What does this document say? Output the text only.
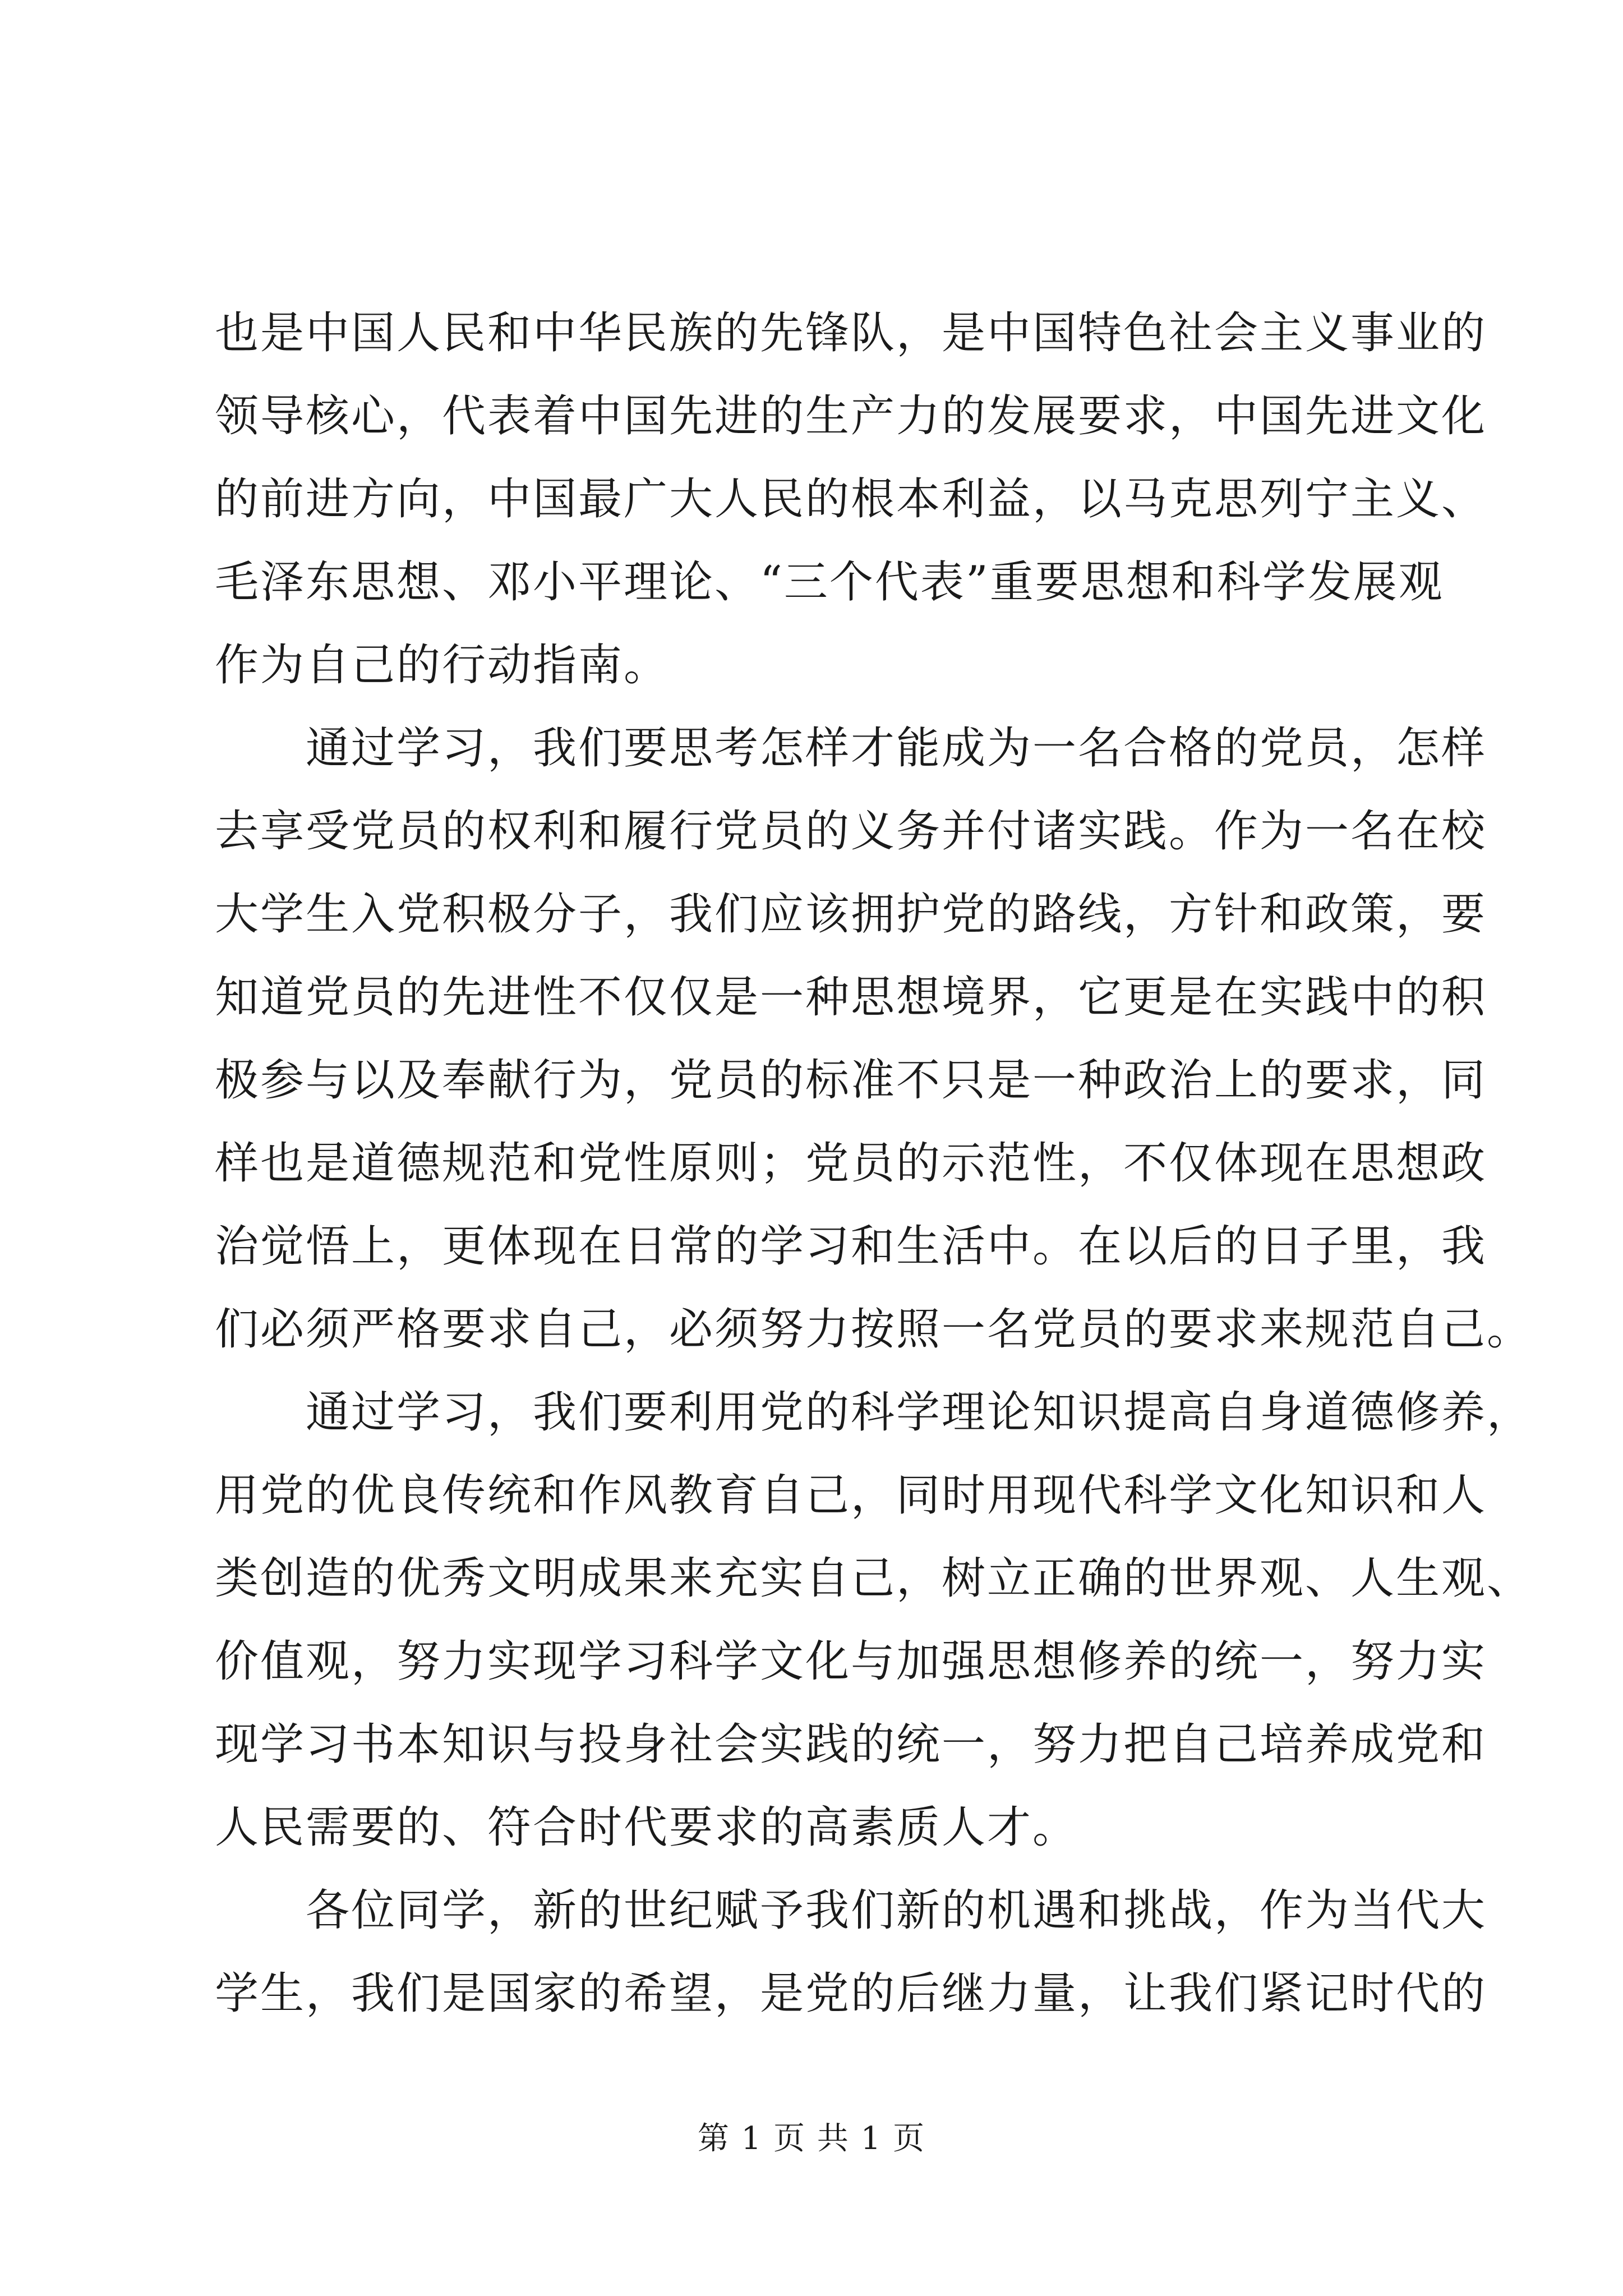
也是中国人民和中华民族的先锋队，是中国特色社会主义事业的
领导核心，代表着中国先进的生产力的发展要求，中国先进文化
的前进方向，中国最广大人民的根本利益，以马克思列宁主义、
毛泽东思想、邓小平理论、“三个代表”重要思想和科学发展观
作为自己的行动指南。
通过学习，我们要思考怎样才能成为一名合格的党员，怎样
去享受党员的权利和履行党员的义务并付诸实践。作为一名在校
大学生入党积极分子，我们应该拥护党的路线，方针和政策，要
知道党员的先进性不仅仅是一种思想境界，它更是在实践中的积
极参与以及奉献行为，党员的标准不只是一种政治上的要求，同
样也是道德规范和党性原则；党员的示范性，不仅体现在思想政
治觉悟上，更体现在日常的学习和生活中。在以后的日子里，我
们必须严格要求自己，必须努力按照一名党员的要求来规范自己。
通过学习，我们要利用党的科学理论知识提高自身道德修养，
用党的优良传统和作风教育自己，同时用现代科学文化知识和人
类创造的优秀文明成果来充实自己，树立正确的世界观、人生观、
价值观，努力实现学习科学文化与加强思想修养的统一，努力实
现学习书本知识与投身社会实践的统一，努力把自己培养成党和
人民需要的、符合时代要求的高素质人才。
各位同学，新的世纪赋予我们新的机遇和挑战，作为当代大
学生，我们是国家的希望，是党的后继力量，让我们紧记时代的
第 1 页 共 1 页
